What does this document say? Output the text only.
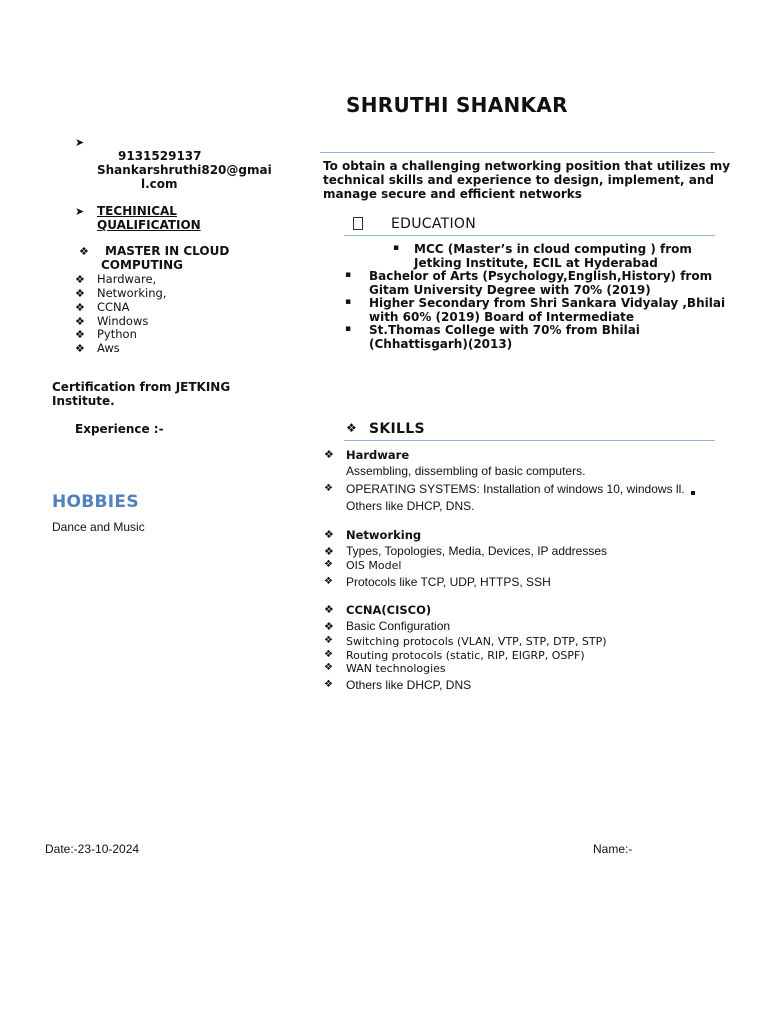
SHRUTHI SHANKAR
➤
9131529137
Shankarshruthi820@gmai
l.com
➤ TECHINICAL
QUALIFICATION
❖ MASTER IN CLOUD
COMPUTING
❖ Hardware,
❖ Networking,
❖ CCNA
❖ Windows
❖ Python
❖ Aws
Certification from JETKING
Institute.
Experience :-
HOBBIES
Dance and Music
To obtain a challenging networking position that utilizes my
technical skills and experience to design, implement, and
manage secure and efficient networks
EDUCATION
▪ MCC (Master’s in cloud computing ) from
Jetking Institute, ECIL at Hyderabad
▪ Bachelor of Arts (Psychology,English,History) from
Gitam University Degree with 70% (2019)
▪ Higher Secondary from Shri Sankara Vidyalay ,Bhilai
with 60% (2019) Board of Intermediate
▪ St.Thomas College with 70% from Bhilai
(Chhattisgarh)(2013)
❖ SKILLS
❖ Hardware
Assembling, dissembling of basic computers.
❖ OPERATING SYSTEMS: Installation of windows 10, windows ll.
Others like DHCP, DNS.
❖ Networking
❖ Types, Topologies, Media, Devices, IP addresses
❖ OIS Model
❖ Protocols like TCP, UDP, HTTPS, SSH
❖ CCNA(CISCO)
❖ Basic Configuration
❖ Switching protocols (VLAN, VTP, STP, DTP, STP)
❖ Routing protocols (static, RIP, EIGRP, OSPF)
❖ WAN technologies
❖ Others like DHCP, DNS
Date:-23-10-2024	Name:-
